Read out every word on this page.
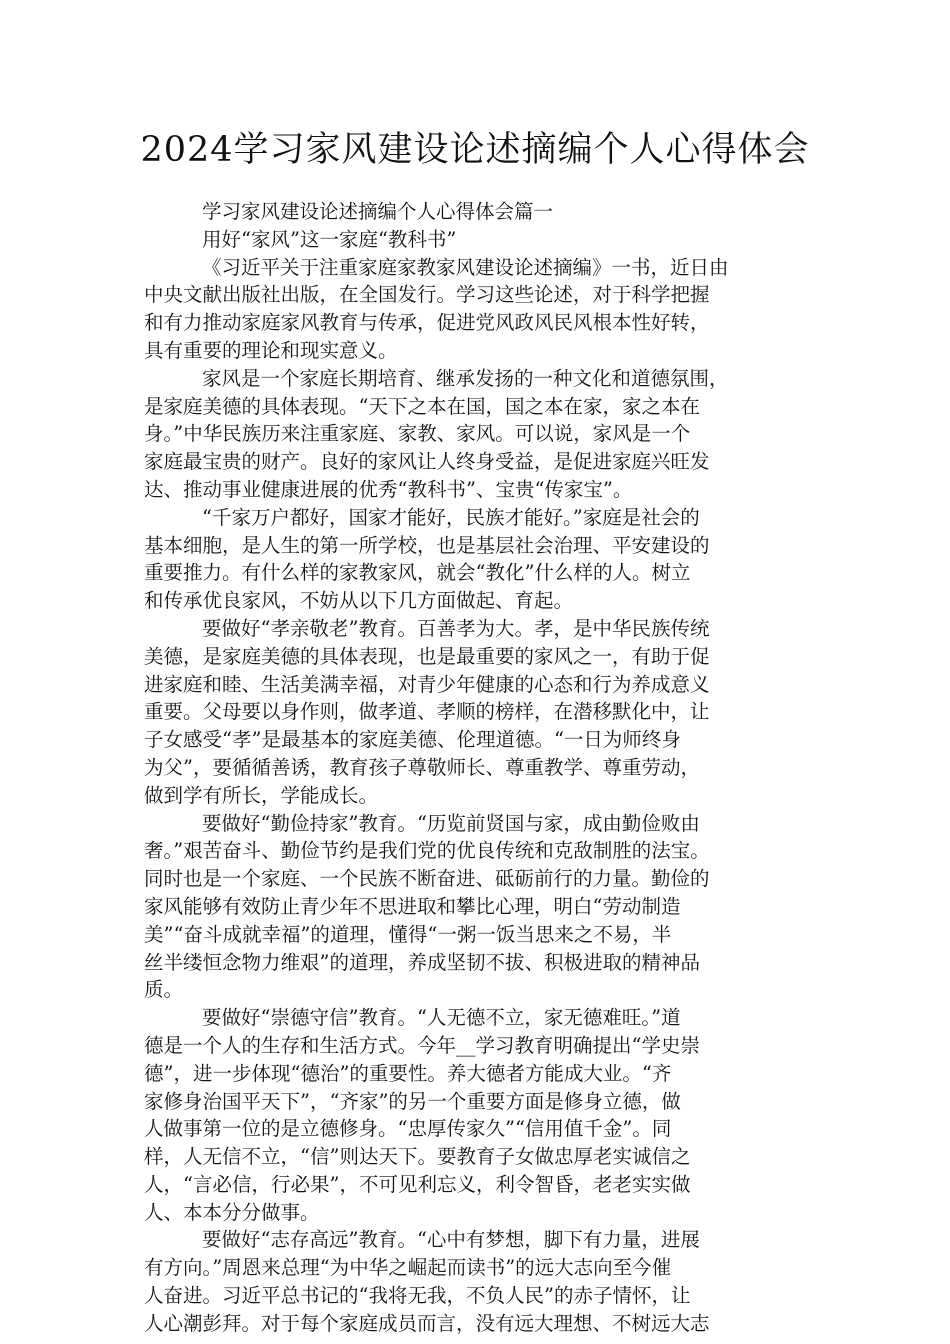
2024学习家风建设论述摘编个人心得体会

学习家风建设论述摘编个人心得体会篇一

用好“家风”这一家庭“教科书”

《习近平关于注重家庭家教家风建设论述摘编》一书，近日由

中央文献出版社出版，在全国发行。学习这些论述，对于科学把握

和有力推动家庭家风教育与传承，促进党风政风民风根本性好转，

具有重要的理论和现实意义。

家风是一个家庭长期培育、继承发扬的一种文化和道德氛围，

是家庭美德的具体表现。“天下之本在国，国之本在家，家之本在

身。”中华民族历来注重家庭、家教、家风。可以说，家风是一个

家庭最宝贵的财产。良好的家风让人终身受益，是促进家庭兴旺发

达、推动事业健康进展的优秀“教科书”、宝贵“传家宝”。

“千家万户都好，国家才能好，民族才能好。”家庭是社会的

基本细胞，是人生的第一所学校，也是基层社会治理、平安建设的

重要推力。有什么样的家教家风，就会“教化”什么样的人。树立

和传承优良家风，不妨从以下几方面做起、育起。

要做好“孝亲敬老”教育。百善孝为大。孝，是中华民族传统

美德，是家庭美德的具体表现，也是最重要的家风之一，有助于促

进家庭和睦、生活美满幸福，对青少年健康的心态和行为养成意义

重要。父母要以身作则，做孝道、孝顺的榜样，在潜移默化中，让

子女感受“孝”是最基本的家庭美德、伦理道德。“一日为师终身

为父”，要循循善诱，教育孩子尊敬师长、尊重教学、尊重劳动，

做到学有所长，学能成长。

要做好“勤俭持家”教育。“历览前贤国与家，成由勤俭败由

奢。”艰苦奋斗、勤俭节约是我们党的优良传统和克敌制胜的法宝。

同时也是一个家庭、一个民族不断奋进、砥砺前行的力量。勤俭的

家风能够有效防止青少年不思进取和攀比心理，明白“劳动制造

美”“奋斗成就幸福”的道理，懂得“一粥一饭当思来之不易，半

丝半缕恒念物力维艰”的道理，养成坚韧不拔、积极进取的精神品

质。

要做好“崇德守信”教育。“人无德不立，家无德难旺。”道

德是一个人的生存和生活方式。今年__学习教育明确提出“学史崇

德”，进一步体现“德治”的重要性。养大德者方能成大业。“齐

家修身治国平天下”，“齐家”的另一个重要方面是修身立德，做

人做事第一位的是立德修身。“忠厚传家久”“信用值千金”。同

样，人无信不立，“信”则达天下。要教育子女做忠厚老实诚信之

人，“言必信，行必果”，不可见利忘义，利令智昏，老老实实做

人、本本分分做事。

要做好“志存高远”教育。“心中有梦想，脚下有力量，进展

有方向。”周恩来总理“为中华之崛起而读书”的远大志向至今催

人奋进。习近平总书记的“我将无我，不负人民”的赤子情怀，让

人心潮彭拜。对于每个家庭成员而言，没有远大理想、不树远大志
